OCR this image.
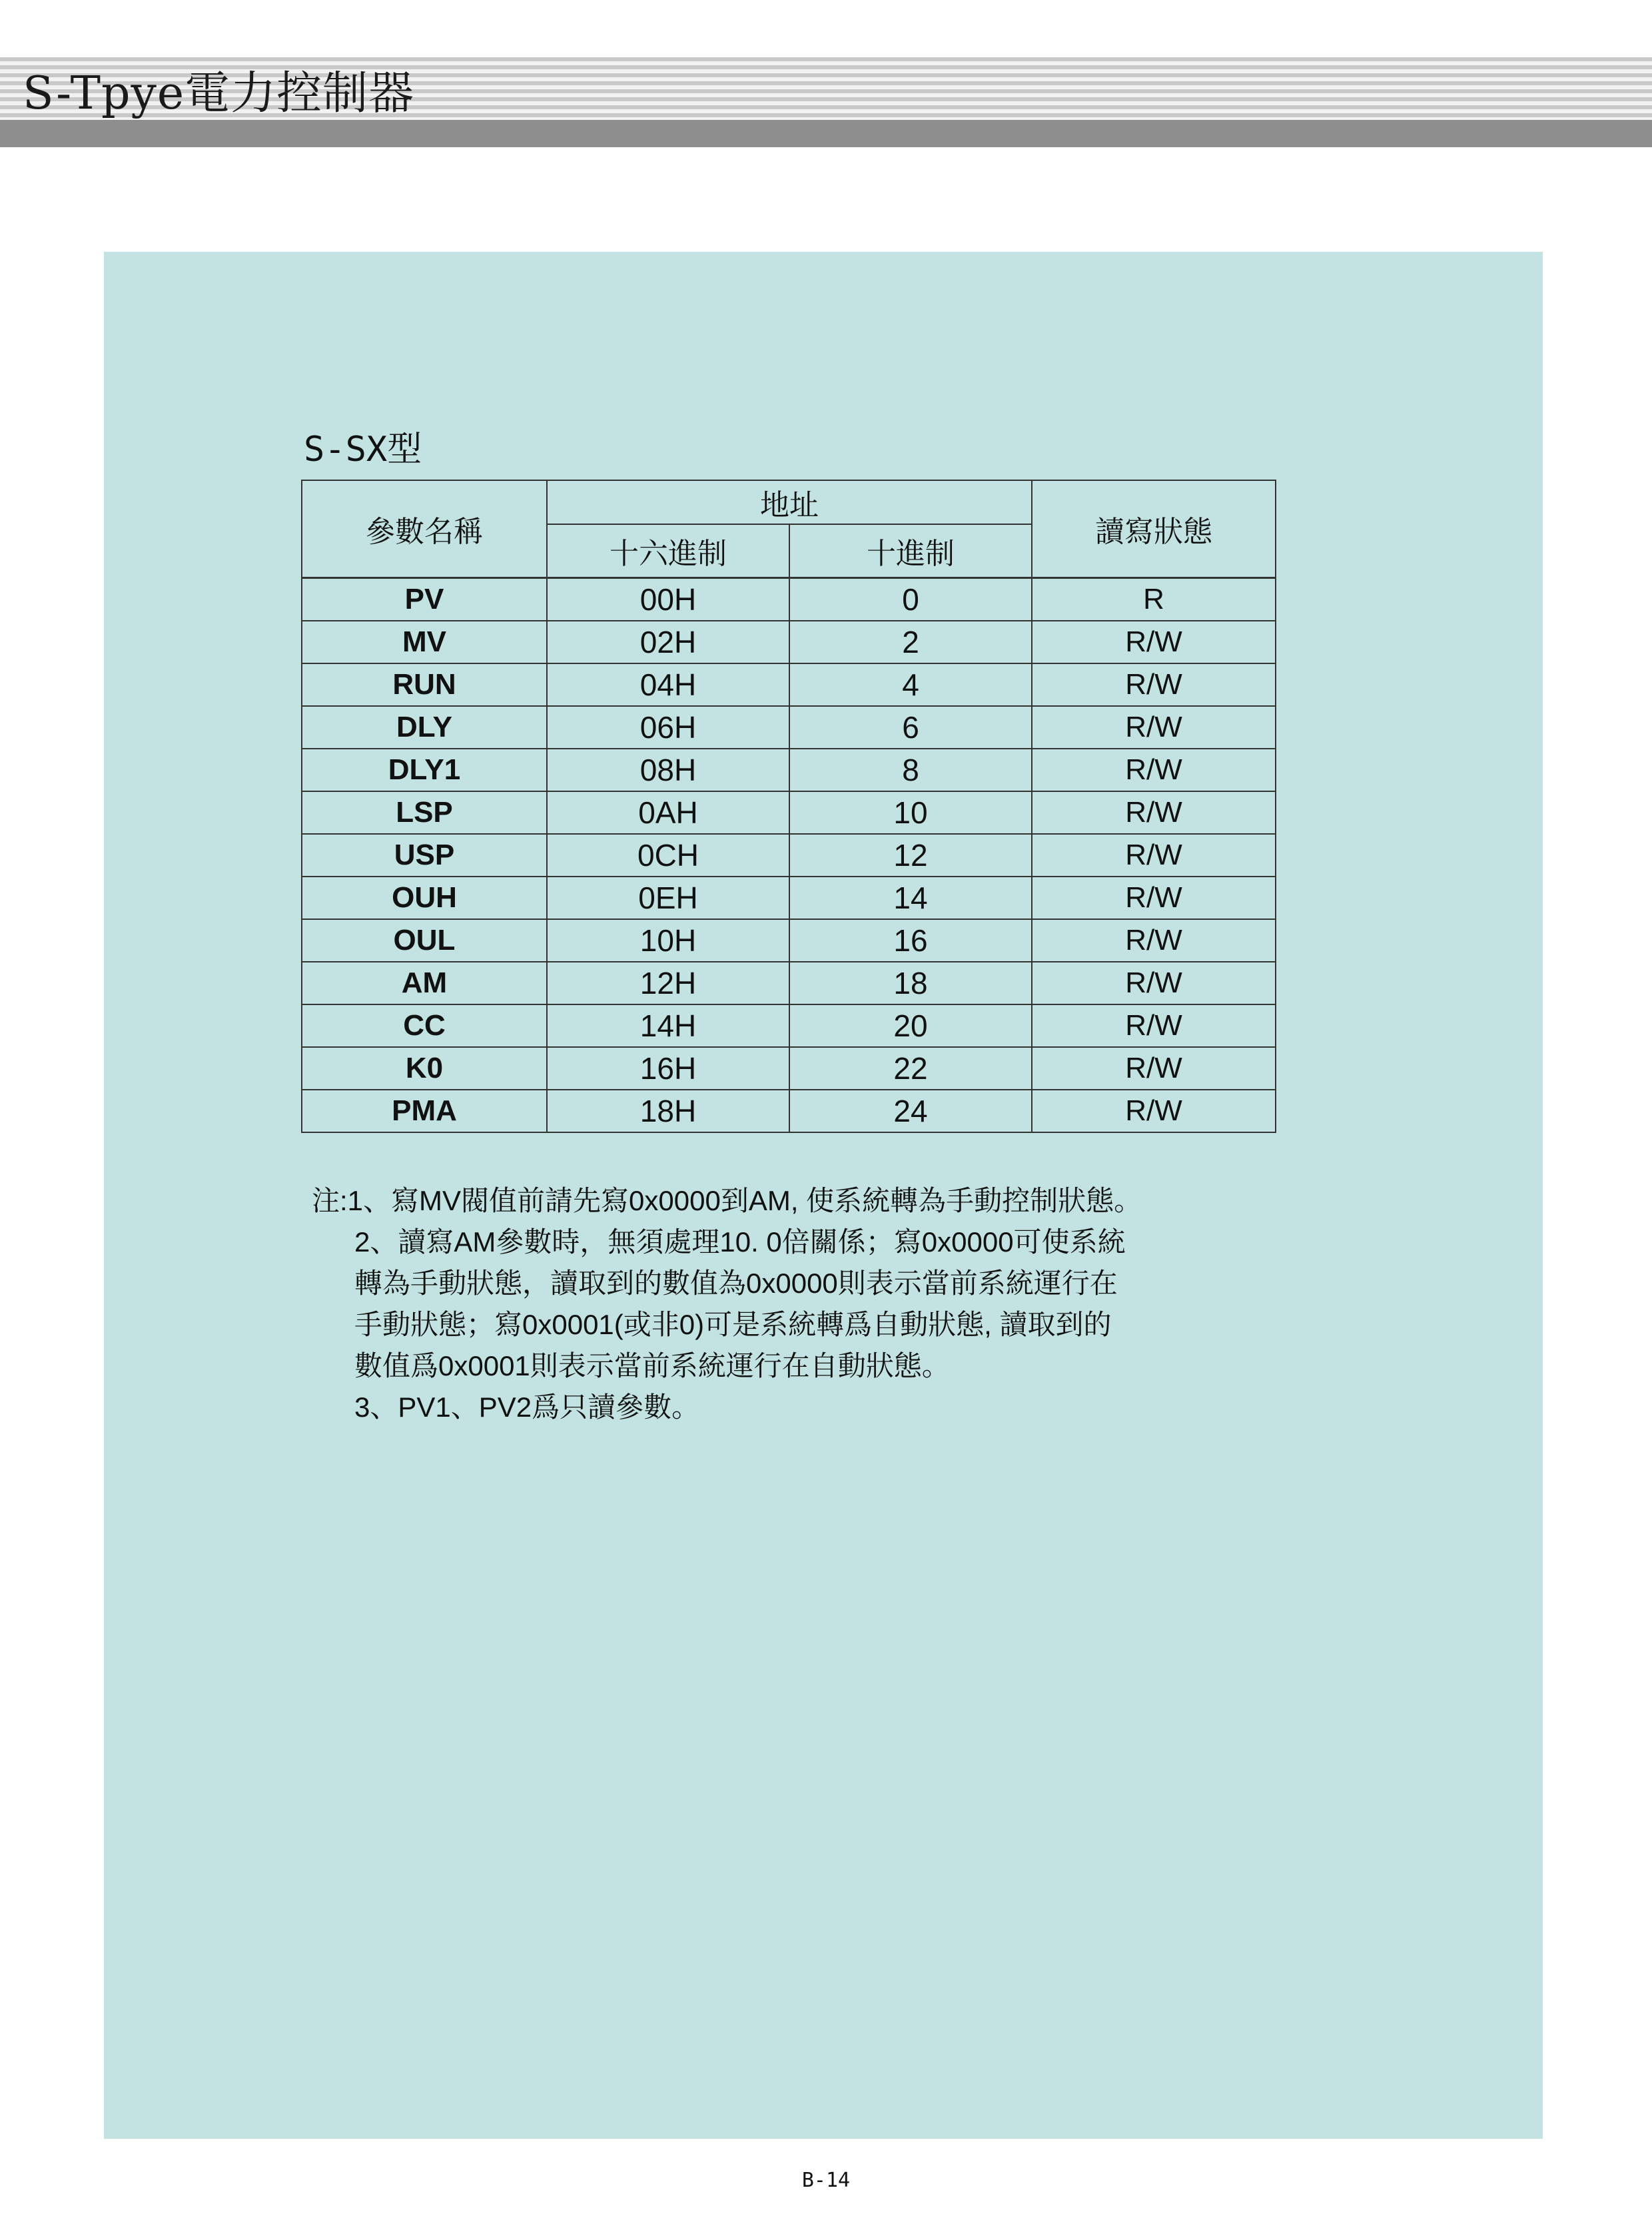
S-Tpye電力控制器
S-SX型
參數名稱	地址		讀寫狀態
	十六進制	十進制	
PV	00H	0	R
MV	02H	2	R/W
RUN	04H	4	R/W
DLY	06H	6	R/W
DLY1	08H	8	R/W
LSP	0AH	10	R/W
USP	0CH	12	R/W
OUH	0EH	14	R/W
OUL	10H	16	R/W
AM	12H	18	R/W
CC	14H	20	R/W
K0	16H	22	R/W
PMA	18H	24	R/W
注:1、寫MV閥值前請先寫0x0000到AM, 使系統轉為手動控制狀態。
2、讀寫AM參數時，無須處理10. 0倍關係；寫0x0000可使系統
轉為手動狀態，讀取到的數值為0x0000則表示當前系統運行在
手動狀態；寫0x0001(或非0)可是系統轉爲自動狀態, 讀取到的
數值爲0x0001則表示當前系統運行在自動狀態。
3、PV1、PV2爲只讀參數。
B-14
